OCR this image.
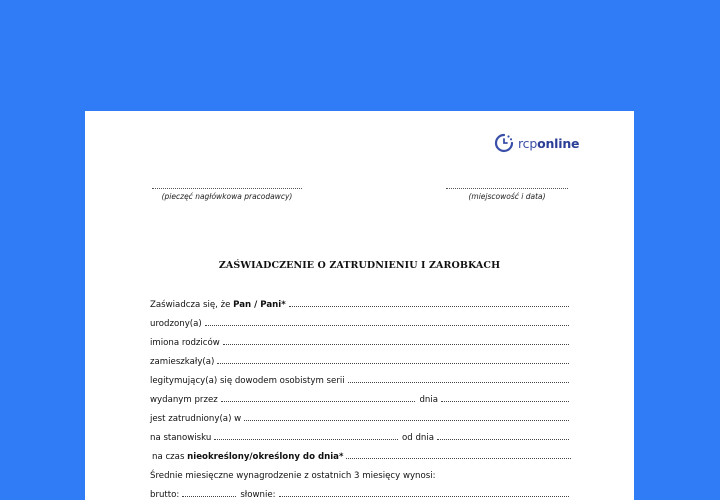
rcponline
(pieczęć nagłówkowa pracodawcy)	(miejscowość i data)
ZAŚWIADCZENIE O ZATRUDNIENIU I ZAROBKACH
Zaświadcza się, że Pan / Pani*
urodzony(a)
imiona rodziców
zamieszkały(a)
legitymujący(a) się dowodem osobistym serii
wydanym przez	dnia
jest zatrudniony(a) w
na stanowisku	od dnia
na czas nieokreślony/określony do dnia*
Średnie miesięczne wynagrodzenie z ostatnich 3 miesięcy wynosi:
brutto:	słownie:
